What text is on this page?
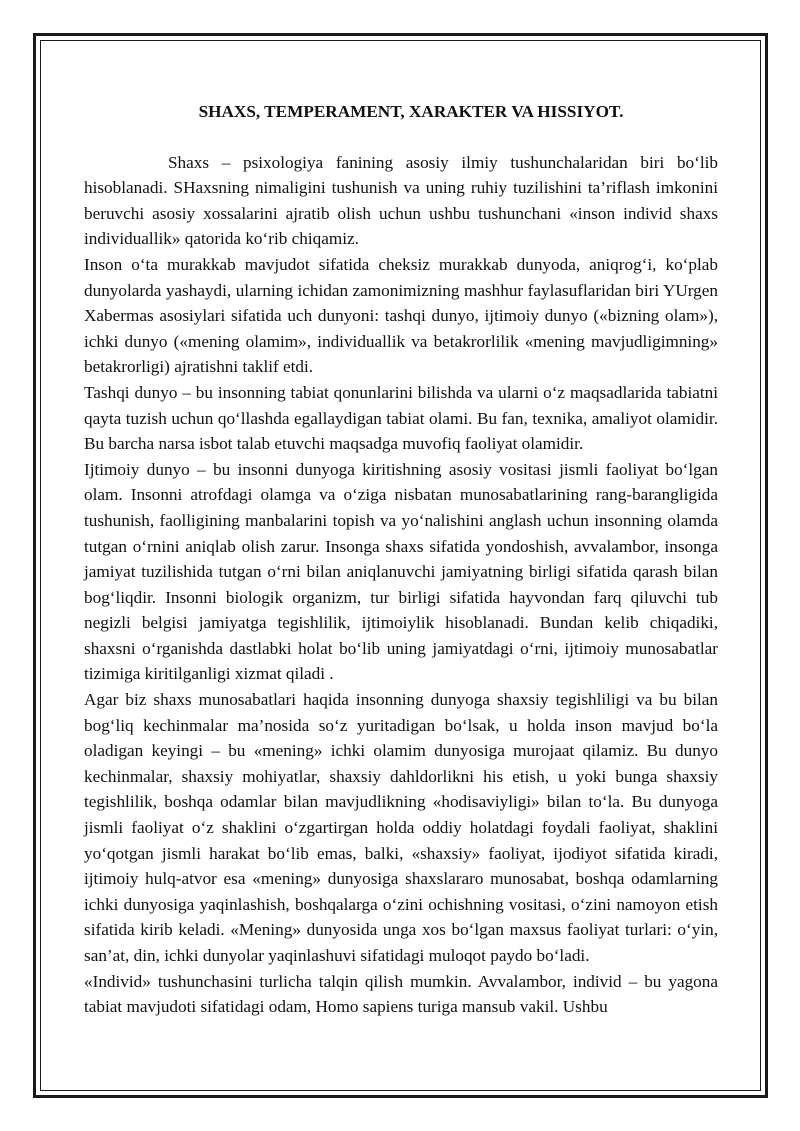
SHAXS, TEMPERAMENT, XARAKTER VA HISSIYOT.

Shaxs – psixologiya fanining asosiy ilmiy tushunchalaridan biri bo‘lib hisoblanadi. SHaxsning nimaligini tushunish va uning ruhiy tuzilishini ta’riflash imkonini beruvchi asosiy xossalarini ajratib olish uchun ushbu tushunchani «inson individ shaxs individuallik» qatorida ko‘rib chiqamiz.

Inson o‘ta murakkab mavjudot sifatida cheksiz murakkab dunyoda, aniqrog‘i, ko‘plab dunyolarda yashaydi, ularning ichidan zamonimizning mashhur faylasuflaridan biri YUrgen Xabermas asosiylari sifatida uch dunyoni: tashqi dunyo, ijtimoiy dunyo («bizning olam»), ichki dunyo («mening olamim», individuallik va betakrorlilik «mening mavjudligimning» betakrorligi) ajratishni taklif etdi.

Tashqi dunyo – bu insonning tabiat qonunlarini bilishda va ularni o‘z maqsadlarida tabiatni qayta tuzish uchun qo‘llashda egallaydigan tabiat olami. Bu fan, texnika, amaliyot olamidir. Bu barcha narsa isbot talab etuvchi maqsadga muvofiq faoliyat olamidir.

Ijtimoiy dunyo – bu insonni dunyoga kiritishning asosiy vositasi jismli faoliyat bo‘lgan olam. Insonni atrofdagi olamga va o‘ziga nisbatan munosabatlarining rang-barangligida tushunish, faolligining manbalarini topish va yo‘nalishini anglash uchun insonning olamda tutgan o‘rnini aniqlab olish zarur. Insonga shaxs sifatida yondoshish, avvalambor, insonga jamiyat tuzilishida tutgan o‘rni bilan aniqlanuvchi jamiyatning birligi sifatida qarash bilan bog‘liqdir. Insonni biologik organizm, tur birligi sifatida hayvondan farq qiluvchi tub negizli belgisi jamiyatga tegishlilik, ijtimoiylik hisoblanadi. Bundan kelib chiqadiki, shaxsni o‘rganishda dastlabki holat bo‘lib uning jamiyatdagi o‘rni, ijtimoiy munosabatlar tizimiga kiritilganligi xizmat qiladi .

Agar biz shaxs munosabatlari haqida insonning dunyoga shaxsiy tegishliligi va bu bilan bog‘liq kechinmalar ma’nosida so‘z yuritadigan bo‘lsak, u holda inson mavjud bo‘la oladigan keyingi – bu «mening» ichki olamim dunyosiga murojaat qilamiz. Bu dunyo kechinmalar, shaxsiy mohiyatlar, shaxsiy dahldorlikni his etish, u yoki bunga shaxsiy tegishlilik, boshqa odamlar bilan mavjudlikning «hodisaviyligi» bilan to‘la. Bu dunyoga jismli faoliyat o‘z shaklini o‘zgartirgan holda oddiy holatdagi foydali faoliyat, shaklini yo‘qotgan jismli harakat bo‘lib emas, balki, «shaxsiy» faoliyat, ijodiyot sifatida kiradi, ijtimoiy hulq-atvor esa «mening» dunyosiga shaxslararo munosabat, boshqa odamlarning ichki dunyosiga yaqinlashish, boshqalarga o‘zini ochishning vositasi, o‘zini namoyon etish sifatida kirib keladi. «Mening» dunyosida unga xos bo‘lgan maxsus faoliyat turlari: o‘yin, san’at, din, ichki dunyolar yaqinlashuvi sifatidagi muloqot paydo bo‘ladi.

«Individ» tushunchasini turlicha talqin qilish mumkin. Avvalambor, individ – bu yagona tabiat mavjudoti sifatidagi odam, Homo sapiens turiga mansub vakil. Ushbu
